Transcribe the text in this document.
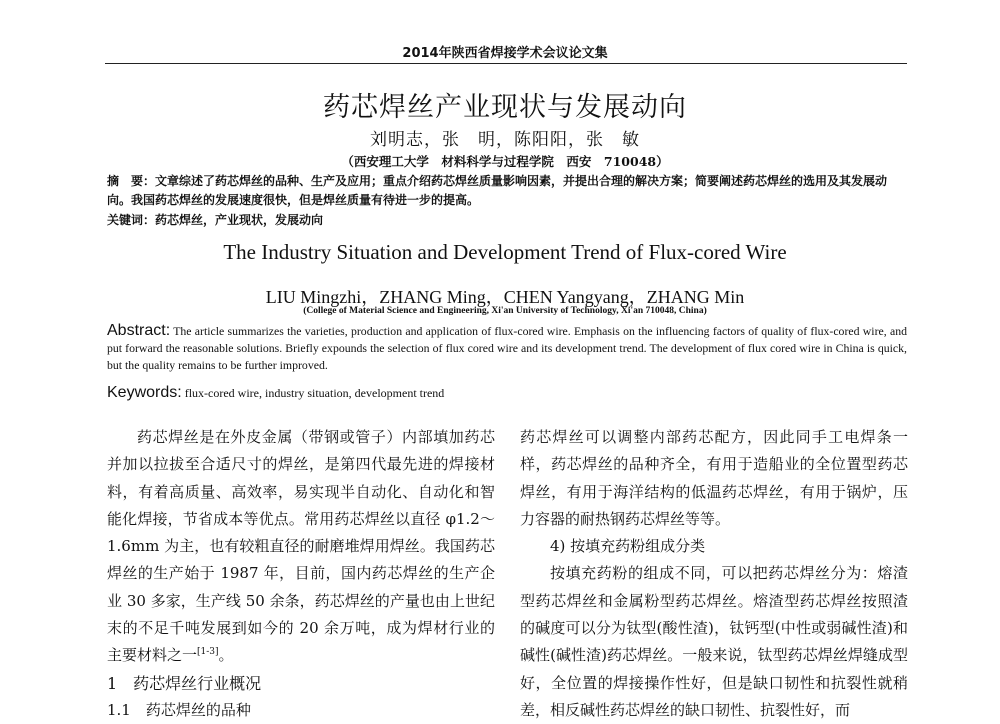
2014年陕西省焊接学术会议论文集
药芯焊丝产业现状与发展动向
刘明志，张　明，陈阳阳，张　敏
（西安理工大学　材料科学与过程学院　西安　710048）
摘　要：文章综述了药芯焊丝的品种、生产及应用；重点介绍药芯焊丝质量影响因素，并提出合理的解决方案；简要阐述药芯焊丝的选用及其发展动向。我国药芯焊丝的发展速度很快，但是焊丝质量有待进一步的提高。
关键词：药芯焊丝，产业现状，发展动向
The Industry Situation and Development Trend of Flux-cored Wire
LIU Mingzhi，ZHANG Ming，CHEN Yangyang，ZHANG Min
(College of Material Science and Engineering, Xi'an University of Technology, Xi'an 710048, China)
Abstract: The article summarizes the varieties, production and application of flux-cored wire. Emphasis on the influencing factors of quality of flux-cored wire, and put forward the reasonable solutions. Briefly expounds the selection of flux cored wire and its development trend. The development of flux cored wire in China is quick, but the quality remains to be further improved.
Keywords: flux-cored wire, industry situation, development trend

药芯焊丝是在外皮金属（带钢或管子）内部填加药芯并加以拉拔至合适尺寸的焊丝，是第四代最先进的焊接材料，有着高质量、高效率，易实现半自动化、自动化和智能化焊接，节省成本等优点。常用药芯焊丝以直径 φ1.2～1.6mm 为主，也有较粗直径的耐磨堆焊用焊丝。我国药芯焊丝的生产始于 1987 年，目前，国内药芯焊丝的生产企业 30 多家，生产线 50 余条，药芯焊丝的产量也由上世纪末的不足千吨发展到如今的 20 余万吨，成为焊材行业的主要材料之一[1-3]。

1　药芯焊丝行业概况

1.1　药芯焊丝的品种

药芯焊丝可以调整内部药芯配方，因此同手工电焊条一样，药芯焊丝的品种齐全，有用于造船业的全位置型药芯焊丝，有用于海洋结构的低温药芯焊丝，有用于锅炉，压力容器的耐热钢药芯焊丝等等。

4) 按填充药粉组成分类

按填充药粉的组成不同，可以把药芯焊丝分为：熔渣型药芯焊丝和金属粉型药芯焊丝。熔渣型药芯焊丝按照渣的碱度可以分为钛型(酸性渣)，钛钙型(中性或弱碱性渣)和碱性(碱性渣)药芯焊丝。一般来说，钛型药芯焊丝焊缝成型好，全位置的焊接操作性好，但是缺口韧性和抗裂性就稍差，相反碱性药芯焊丝的缺口韧性、抗裂性好，而
